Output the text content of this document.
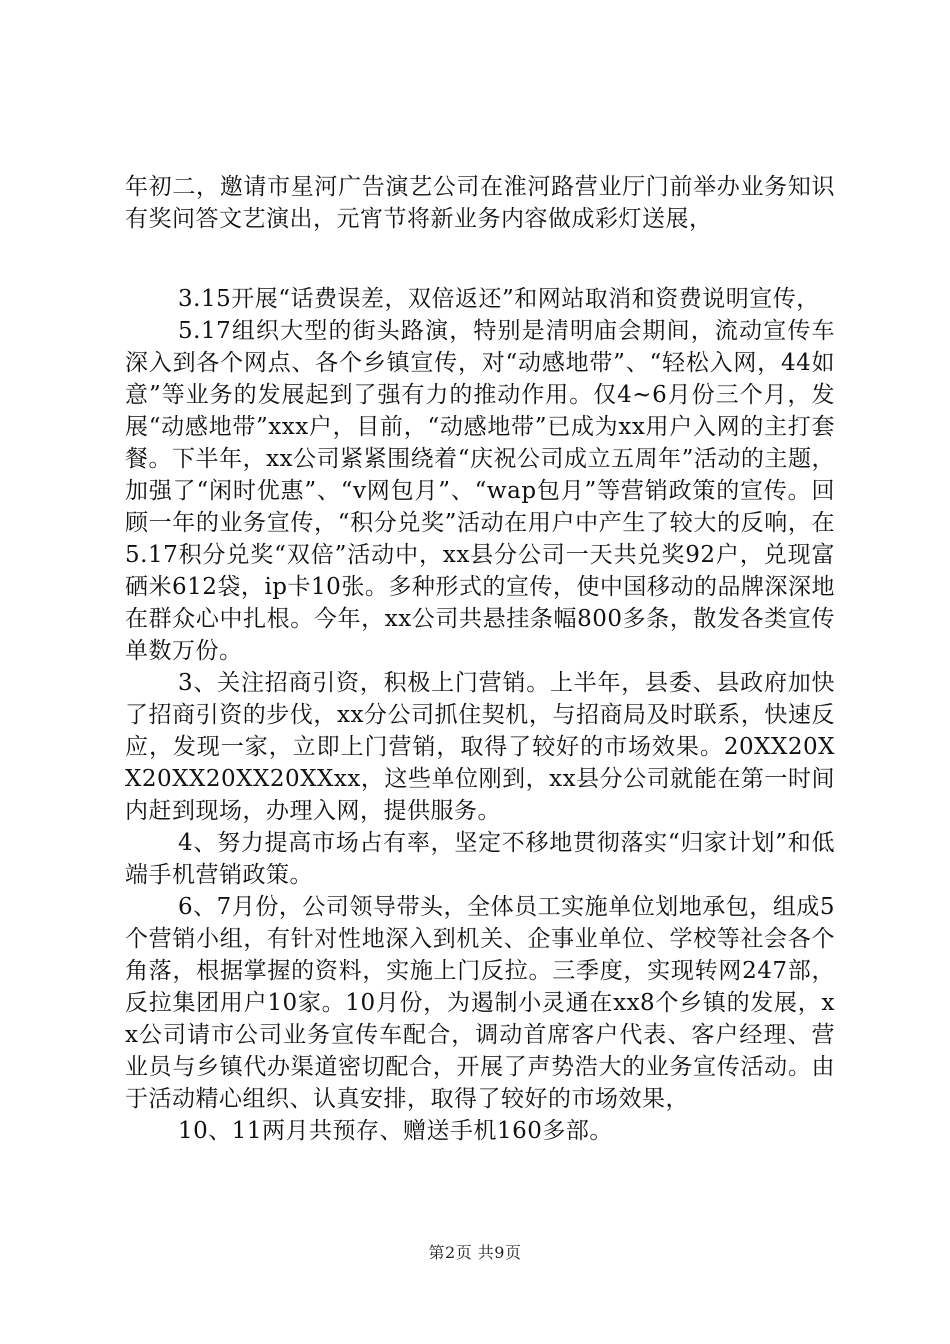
年初二，邀请市星河广告演艺公司在淮河路营业厅门前举办业务知识有奖问答文艺演出，元宵节将新业务内容做成彩灯送展，

3.15开展“话费误差，双倍返还”和网站取消和资费说明宣传，

5.17组织大型的街头路演，特别是清明庙会期间，流动宣传车深入到各个网点、各个乡镇宣传，对“动感地带”、“轻松入网，44如意”等业务的发展起到了强有力的推动作用。仅4~6月份三个月，发展“动感地带”xxx户，目前，“动感地带”已成为xx用户入网的主打套餐。下半年，xx公司紧紧围绕着“庆祝公司成立五周年”活动的主题，加强了“闲时优惠”、“v网包月”、“wap包月”等营销政策的宣传。回顾一年的业务宣传，“积分兑奖”活动在用户中产生了较大的反响，在5.17积分兑奖“双倍”活动中，xx县分公司一天共兑奖92户，兑现富硒米612袋，ip卡10张。多种形式的宣传，使中国移动的品牌深深地在群众心中扎根。今年，xx公司共悬挂条幅800多条，散发各类宣传单数万份。

3、关注招商引资，积极上门营销。上半年，县委、县政府加快了招商引资的步伐，xx分公司抓住契机，与招商局及时联系，快速反应，发现一家，立即上门营销，取得了较好的市场效果。20XX20XX20XX20XX20XXxx，这些单位刚到，xx县分公司就能在第一时间内赶到现场，办理入网，提供服务。

4、努力提高市场占有率，坚定不移地贯彻落实“归家计划”和低端手机营销政策。

6、7月份，公司领导带头，全体员工实施单位划地承包，组成5个营销小组，有针对性地深入到机关、企事业单位、学校等社会各个角落，根据掌握的资料，实施上门反拉。三季度，实现转网247部，反拉集团用户10家。10月份，为遏制小灵通在xx8个乡镇的发展，xx公司请市公司业务宣传车配合，调动首席客户代表、客户经理、营业员与乡镇代办渠道密切配合，开展了声势浩大的业务宣传活动。由于活动精心组织、认真安排，取得了较好的市场效果，

10、11两月共预存、赠送手机160多部。

第2页 共9页
